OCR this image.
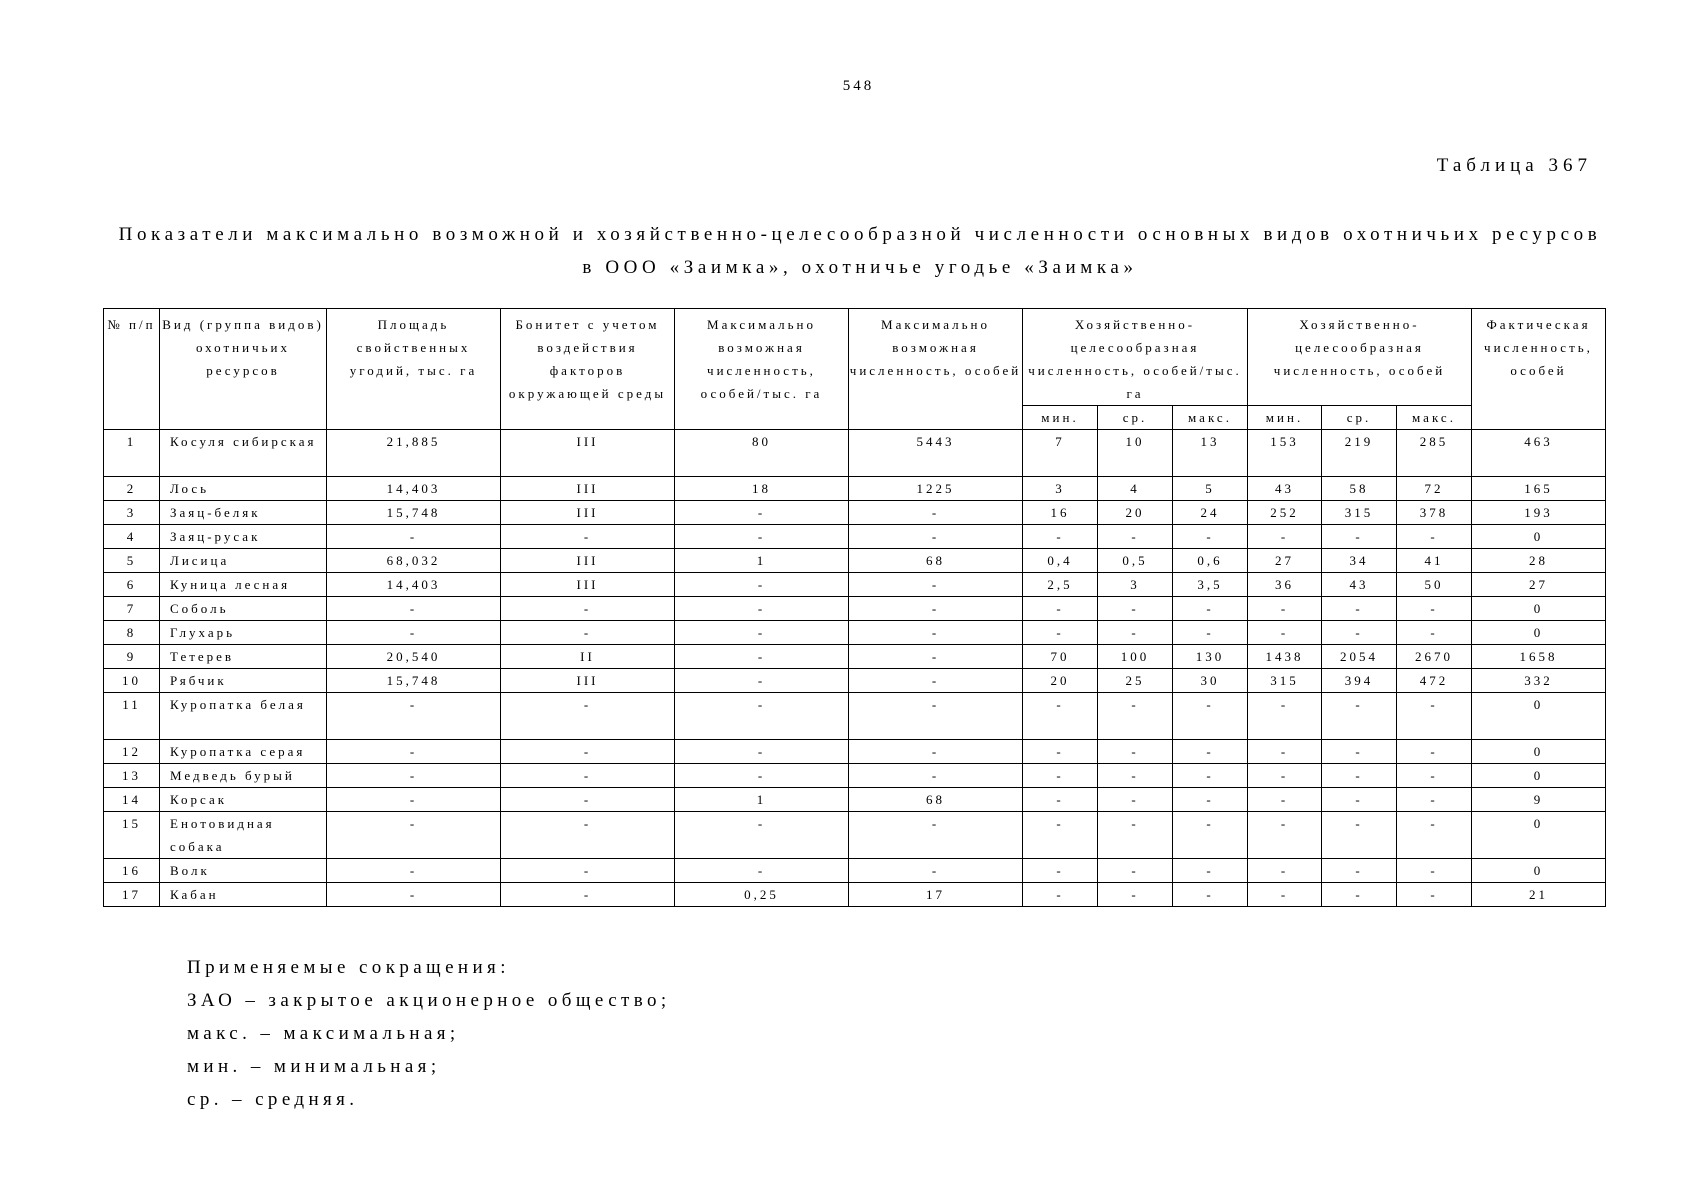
548
Таблица 367
Показатели максимально возможной и хозяйственно-целесообразной численности основных видов охотничьих ресурсов
в ООО «Заимка», охотничье угодье «Заимка»
№ п/п	Вид (группа видов) охотничьих ресурсов	Площадь свойственных угодий, тыс. га	Бонитет с учетом воздействия факторов окружающей среды	Максимально возможная численность, особей/тыс. га	Максимально возможная численность, особей	Хозяйственно-целесообразная численность, особей/тыс. га			Хозяйственно-целесообразная численность, особей			Фактическая численность, особей
						мин.	ср.	макс.	мин.	ср.	макс.	
1	Косуля сибирская	21,885	III	80	5443	7	10	13	153	219	285	463
2	Лось	14,403	III	18	1225	3	4	5	43	58	72	165
3	Заяц-беляк	15,748	III	-	-	16	20	24	252	315	378	193
4	Заяц-русак	-	-	-	-	-	-	-	-	-	-	0
5	Лисица	68,032	III	1	68	0,4	0,5	0,6	27	34	41	28
6	Куница лесная	14,403	III	-	-	2,5	3	3,5	36	43	50	27
7	Соболь	-	-	-	-	-	-	-	-	-	-	0
8	Глухарь	-	-	-	-	-	-	-	-	-	-	0
9	Тетерев	20,540	II	-	-	70	100	130	1438	2054	2670	1658
10	Рябчик	15,748	III	-	-	20	25	30	315	394	472	332
11	Куропатка белая	-	-	-	-	-	-	-	-	-	-	0
12	Куропатка серая	-	-	-	-	-	-	-	-	-	-	0
13	Медведь бурый	-	-	-	-	-	-	-	-	-	-	0
14	Корсак	-	-	1	68	-	-	-	-	-	-	9
15	Енотовидная собака	-	-	-	-	-	-	-	-	-	-	0
16	Волк	-	-	-	-	-	-	-	-	-	-	0
17	Кабан	-	-	0,25	17	-	-	-	-	-	-	21
Применяемые сокращения:
ЗАО – закрытое акционерное общество;
макс. – максимальная;
мин. – минимальная;
ср. – средняя.
